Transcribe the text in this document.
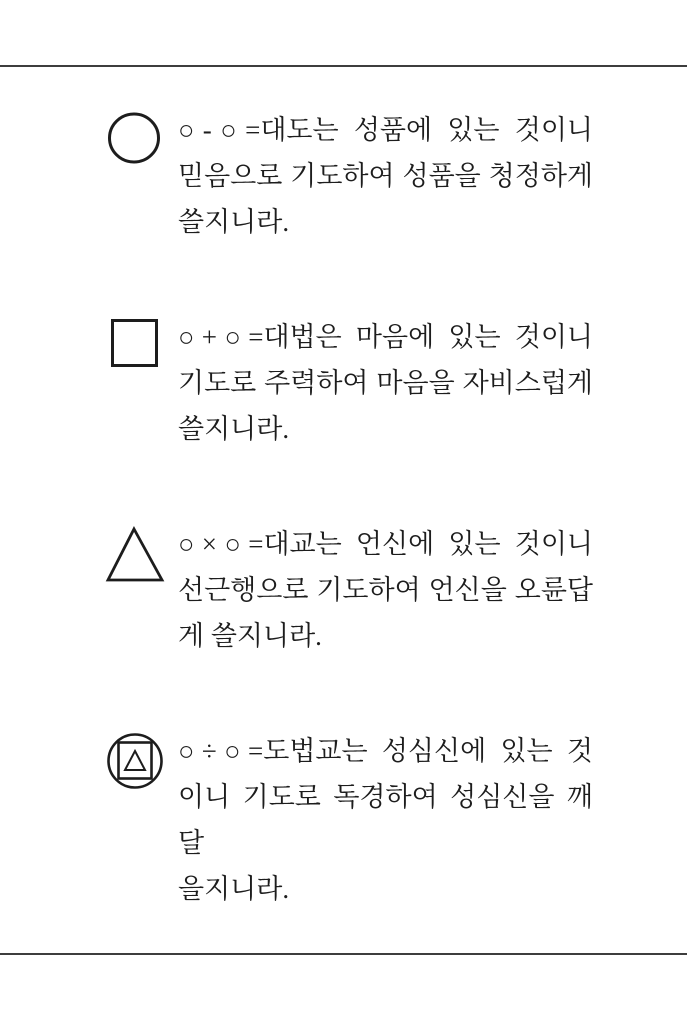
○-○=대도는 성품에 있는 것이니
믿음으로 기도하여 성품을 청정하게
쓸지니라.
○+○=대법은 마음에 있는 것이니
기도로 주력하여 마음을 자비스럽게
쓸지니라.
○×○=대교는 언신에 있는 것이니
선근행으로 기도하여 언신을 오륜답
게 쓸지니라.
○÷○=도법교는 성심신에 있는 것
이니 기도로 독경하여 성심신을 깨달
을지니라.
